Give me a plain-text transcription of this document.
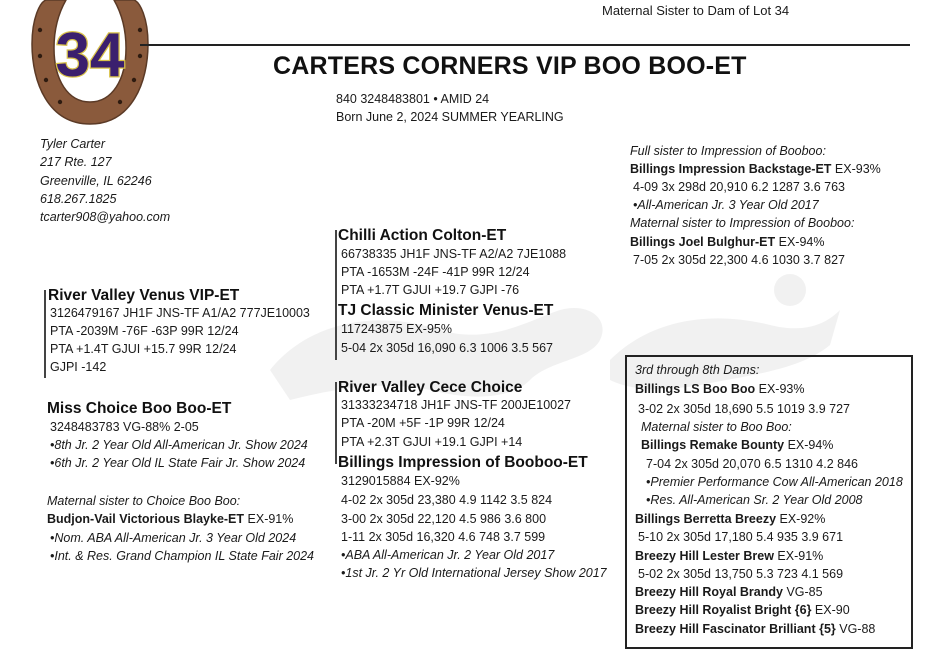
34
Maternal Sister to Dam of Lot 34
CARTERS CORNERS VIP BOO BOO-ET
840 3248483801 • AMID 24
Born June 2, 2024 SUMMER YEARLING
Tyler Carter
217 Rte. 127
Greenville, IL 62246
618.267.1825
tcarter908@yahoo.com
River Valley Venus VIP-ET
3126479167 JH1F JNS-TF A1/A2 777JE10003
PTA -2039M -76F -63P 99R 12/24
PTA +1.4T GJUI +15.7 99R 12/24
GJPI -142
Miss Choice Boo Boo-ET
3248483783 VG-88% 2-05
•8th Jr. 2 Year Old All-American Jr. Show 2024
•6th Jr. 2 Year Old IL State Fair Jr. Show 2024
Maternal sister to Choice Boo Boo:
Budjon-Vail Victorious Blayke-ET EX-91%
•Nom. ABA All-American Jr. 3 Year Old 2024
•Int. & Res. Grand Champion IL State Fair 2024
Chilli Action Colton-ET
66738335 JH1F JNS-TF A2/A2 7JE1088
PTA -1653M -24F -41P 99R 12/24
PTA +1.7T GJUI +19.7 GJPI -76
TJ Classic Minister Venus-ET
117243875 EX-95%
5-04 2x 305d 16,090 6.3 1006 3.5 567
River Valley Cece Choice
31333234718 JH1F JNS-TF 200JE10027
PTA -20M +5F -1P 99R 12/24
PTA +2.3T GJUI +19.1 GJPI +14
Billings Impression of Booboo-ET
3129015884 EX-92%
4-02 2x 305d 23,380 4.9 1142 3.5 824
3-00 2x 305d 22,120 4.5 986 3.6 800
1-11 2x 305d 16,320 4.6 748 3.7 599
•ABA All-American Jr. 2 Year Old 2017
•1st Jr. 2 Yr Old International Jersey Show 2017
Full sister to Impression of Booboo:
Billings Impression Backstage-ET EX-93%
4-09 3x 298d 20,910 6.2 1287 3.6 763
•All-American Jr. 3 Year Old 2017
Maternal sister to Impression of Booboo:
Billings Joel Bulghur-ET EX-94%
7-05 2x 305d 22,300 4.6 1030 3.7 827
3rd through 8th Dams:
Billings LS Boo Boo EX-93%
3-02 2x 305d 18,690 5.5 1019 3.9 727
Maternal sister to Boo Boo:
Billings Remake Bounty EX-94%
7-04 2x 305d 20,070 6.5 1310 4.2 846
•Premier Performance Cow All-American 2018
•Res. All-American Sr. 2 Year Old 2008
Billings Berretta Breezy EX-92%
5-10 2x 305d 17,180 5.4 935 3.9 671
Breezy Hill Lester Brew EX-91%
5-02 2x 305d 13,750 5.3 723 4.1 569
Breezy Hill Royal Brandy VG-85
Breezy Hill Royalist Bright {6} EX-90
Breezy Hill Fascinator Brilliant {5} VG-88
